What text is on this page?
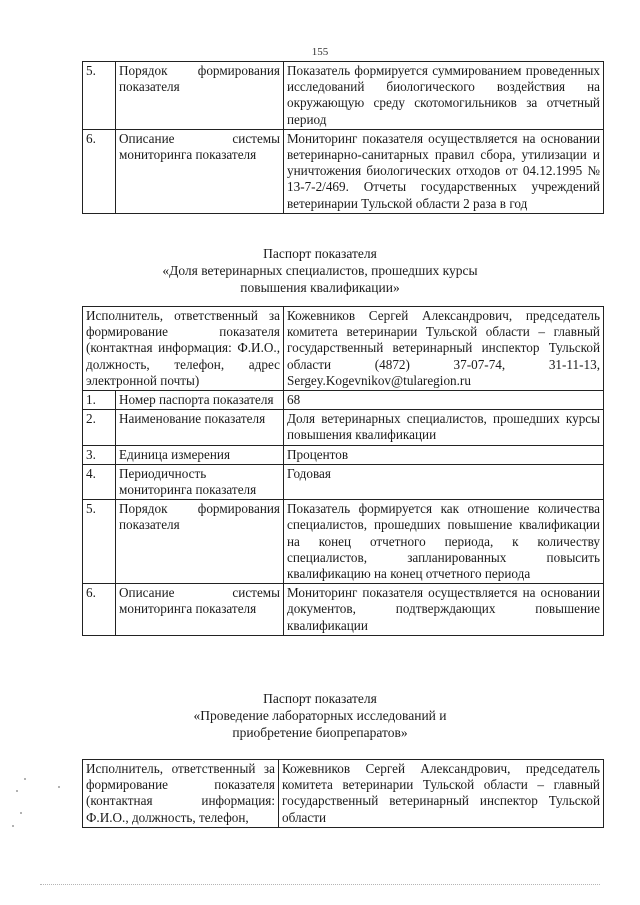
155
5.	Порядок формирования показателя	Показатель формируется суммированием проведенных исследований биологического воздействия на окружающую среду скотомогильников за отчетный период
6.	Описание системы мониторинга показателя	Мониторинг показателя осуществляется на основании ветеринарно-санитарных правил сбора, утилизации и уничтожения биологических отходов от 04.12.1995 № 13-7-2/469. Отчеты государственных учреждений ветеринарии Тульской области 2 раза в год
Паспорт показателя
«Доля ветеринарных специалистов, прошедших курсы
повышения квалификации»
Исполнитель, ответственный за формирование показателя (контактная информация: Ф.И.О., должность, телефон, адрес электронной почты)		Кожевников Сергей Александрович, председатель комитета ветеринарии Тульской области – главный государственный ветеринарный инспектор Тульской области (4872) 37-07-74, 31-11-13, Sergey.Kogevnikov@tularegion.ru
1.	Номер паспорта показателя	68
2.	Наименование показателя	Доля ветеринарных специалистов, прошедших курсы повышения квалификации
3.	Единица измерения	Процентов
4.	Периодичность мониторинга показателя	Годовая
5.	Порядок формирования показателя	Показатель формируется как отношение количества специалистов, прошедших повышение квалификации на конец отчетного периода, к количеству специалистов, запланированных повысить квалификацию на конец отчетного периода
6.	Описание системы мониторинга показателя	Мониторинг показателя осуществляется на основании документов, подтверждающих повышение квалификации
Паспорт показателя
«Проведение лабораторных исследований и
приобретение биопрепаратов»
Исполнитель, ответственный за формирование показателя (контактная информация: Ф.И.О., должность, телефон,	Кожевников Сергей Александрович, председатель комитета ветеринарии Тульской области – главный государственный ветеринарный инспектор Тульской области
